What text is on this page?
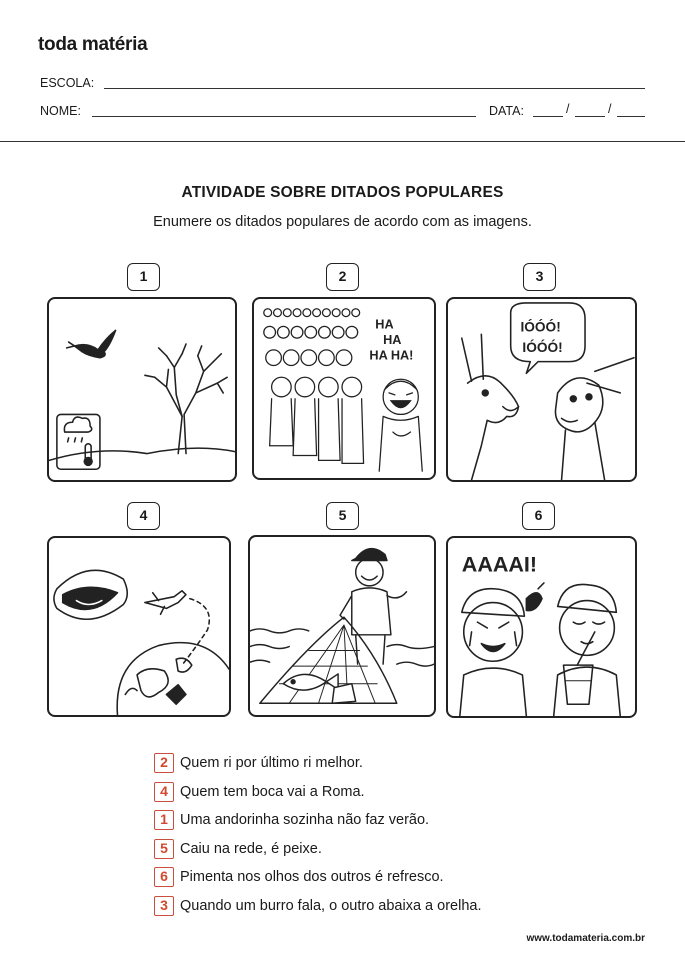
toda matéria
ESCOLA:
NOME:	DATA:	/	/
ATIVIDADE SOBRE DITADOS POPULARES
Enumere os ditados populares de acordo com as imagens.
1	2	3
HA
HA
HA HA!
IÓÓÓ!
IÓÓÓ!
4	5	6
AAAAI!
2 Quem ri por último ri melhor.
4 Quem tem boca vai a Roma.
1 Uma andorinha sozinha não faz verão.
5 Caiu na rede, é peixe.
6 Pimenta nos olhos dos outros é refresco.
3 Quando um burro fala, o outro abaixa a orelha.
www.todamateria.com.br
